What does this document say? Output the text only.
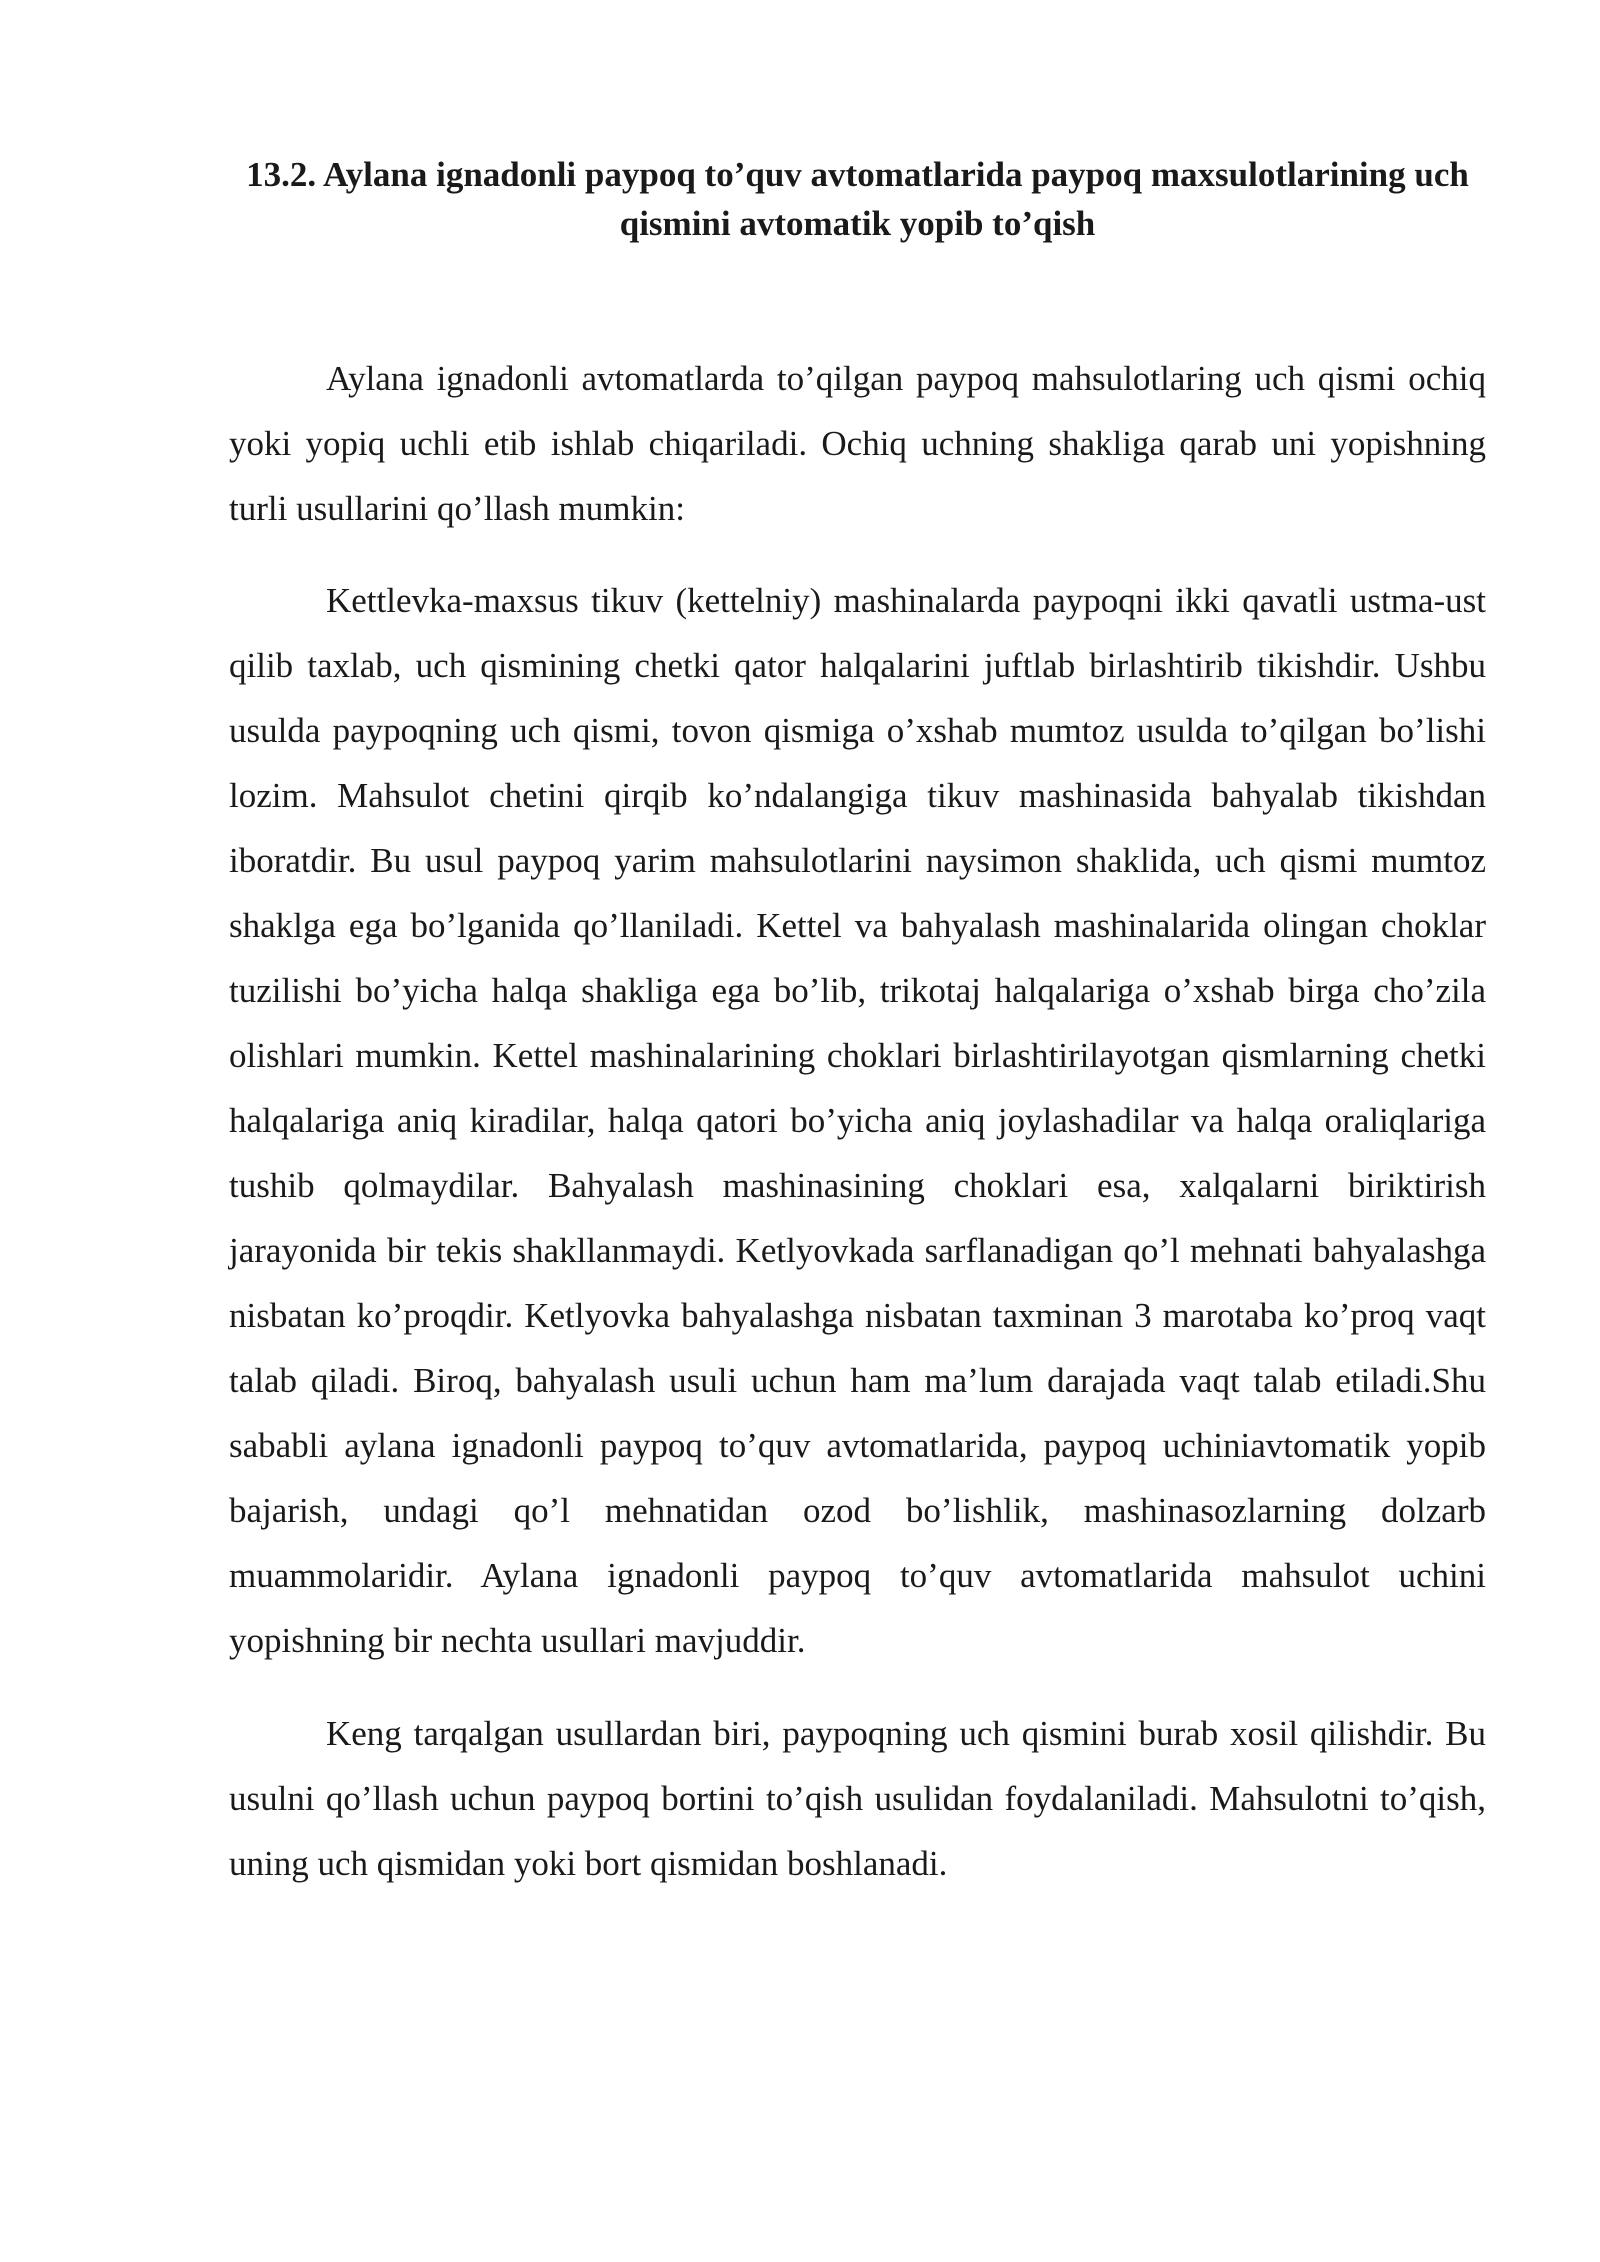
13.2. Aylana ignadonli paypoq to’quv avtomatlarida paypoq maxsulotlarining uch qismini avtomatik yopib to’qish

Aylana ignadonli avtomatlarda to’qilgan paypoq mahsulotlaring uch qismi ochiq yoki yopiq uchli etib ishlab chiqariladi. Ochiq uchning shakliga qarab uni yopishning turli usullarini qo’llash mumkin:

Kettlevka-maxsus tikuv (kettelniy) mashinalarda paypoqni ikki qavatli ustma-ust qilib taxlab, uch qismining chetki qator halqalarini juftlab birlashtirib tikishdir. Ushbu usulda paypoqning uch qismi, tovon qismiga o’xshab mumtoz usulda to’qilgan bo’lishi lozim. Mahsulot chetini qirqib ko’ndalangiga tikuv mashinasida bahyalab tikishdan iboratdir. Bu usul paypoq yarim mahsulotlarini naysimon shaklida, uch qismi mumtoz shaklga ega bo’lganida qo’llaniladi. Kettel va bahyalash mashinalarida olingan choklar tuzilishi bo’yicha halqa shakliga ega bo’lib, trikotaj halqalariga o’xshab birga cho’zila olishlari mumkin. Kettel mashinalarining choklari birlashtirilayotgan qismlarning chetki halqalariga aniq kiradilar, halqa qatori bo’yicha aniq joylashadilar va halqa oraliqlariga tushib qolmaydilar. Bahyalash mashinasining choklari esa, xalqalarni biriktirish jarayonida bir tekis shakllanmaydi. Ketlyovkada sarflanadigan qo’l mehnati bahyalashga nisbatan ko’proqdir. Ketlyovka bahyalashga nisbatan taxminan 3 marotaba ko’proq vaqt talab qiladi. Biroq, bahyalash usuli uchun ham ma’lum darajada vaqt talab etiladi.Shu sababli aylana ignadonli paypoq to’quv avtomatlarida, paypoq uchiniavtomatik yopib bajarish, undagi qo’l mehnatidan ozod bo’lishlik, mashinasozlarning dolzarb muammolaridir. Aylana ignadonli paypoq to’quv avtomatlarida mahsulot uchini yopishning bir nechta usullari mavjuddir.

Keng tarqalgan usullardan biri, paypoqning uch qismini burab xosil qilishdir. Bu usulni qo’llash uchun paypoq bortini to’qish usulidan foydalaniladi. Mahsulotni to’qish, uning uch qismidan yoki bort qismidan boshlanadi.
